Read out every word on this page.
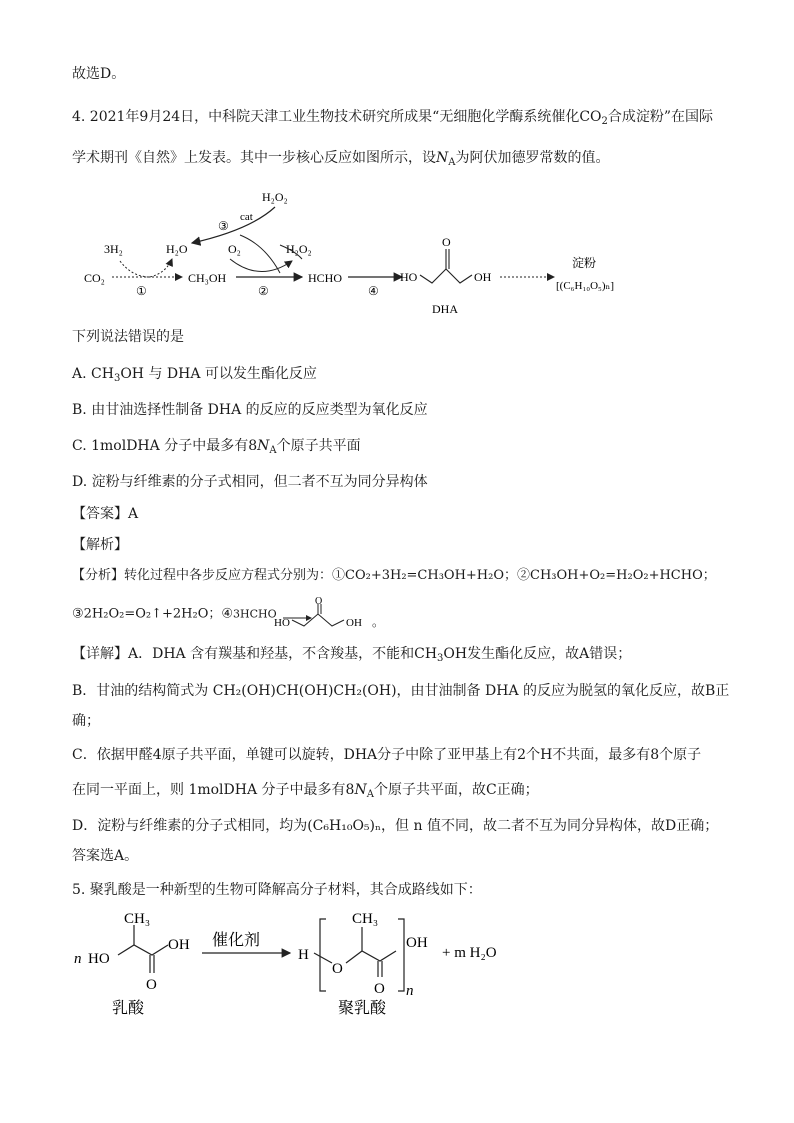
故选D。
4. 2021年9月24日，中科院天津工业生物技术研究所成果“无细胞化学酶系统催化$CO_2$合成淀粉”在国际
学术期刊《自然》上发表。其中一步核心反应如图所示，设$N_A$为阿伏加德罗常数的值。
H₂O₂
cat
③
3H₂	H₂O	O₂	H₂O₂
CO₂
①
CH₃OH
②
HCHO
④
HO
O
OH
DHA
淀粉
[(C₆H₁₀O₅)ₙ]
下列说法错误的是
A. $CH_3OH$ 与 DHA 可以发生酯化反应
B. 由甘油选择性制备 DHA 的反应的反应类型为氧化反应
C. 1molDHA 分子中最多有$8N_A$个原子共平面
D. 淀粉与纤维素的分子式相同，但二者不互为同分异构体
【答案】A
【解析】
【分析】转化过程中各步反应方程式分别为：①CO₂+3H₂=CH₃OH+H₂O；②CH₃OH+O₂=H₂O₂+HCHO；
③2H₂O₂=O₂↑+2H₂O；④3HCHO
HO
O
OH 。
【详解】A．DHA 含有羰基和羟基，不含羧基，不能和$CH_3OH$发生酯化反应，故A错误；
B．甘油的结构简式为 CH₂(OH)CH(OH)CH₂(OH)，由甘油制备 DHA 的反应为脱氢的氧化反应，故B正
确；
C．依据甲醛4原子共平面，单键可以旋转，DHA分子中除了亚甲基上有2个H不共面，最多有8个原子
在同一平面上，则 1molDHA 分子中最多有$8N_A$个原子共平面，故C正确；
D．淀粉与纤维素的分子式相同，均为(C₆H₁₀O₅)ₙ，但 n 值不同，故二者不互为同分异构体，故D正确；
答案选A。
5. 聚乳酸是一种新型的生物可降解高分子材料，其合成路线如下：
n HO
CH₃
OH
O
乳酸
催化剂
H
O
CH₃
O
OH
n
+ m H₂O
聚乳酸
